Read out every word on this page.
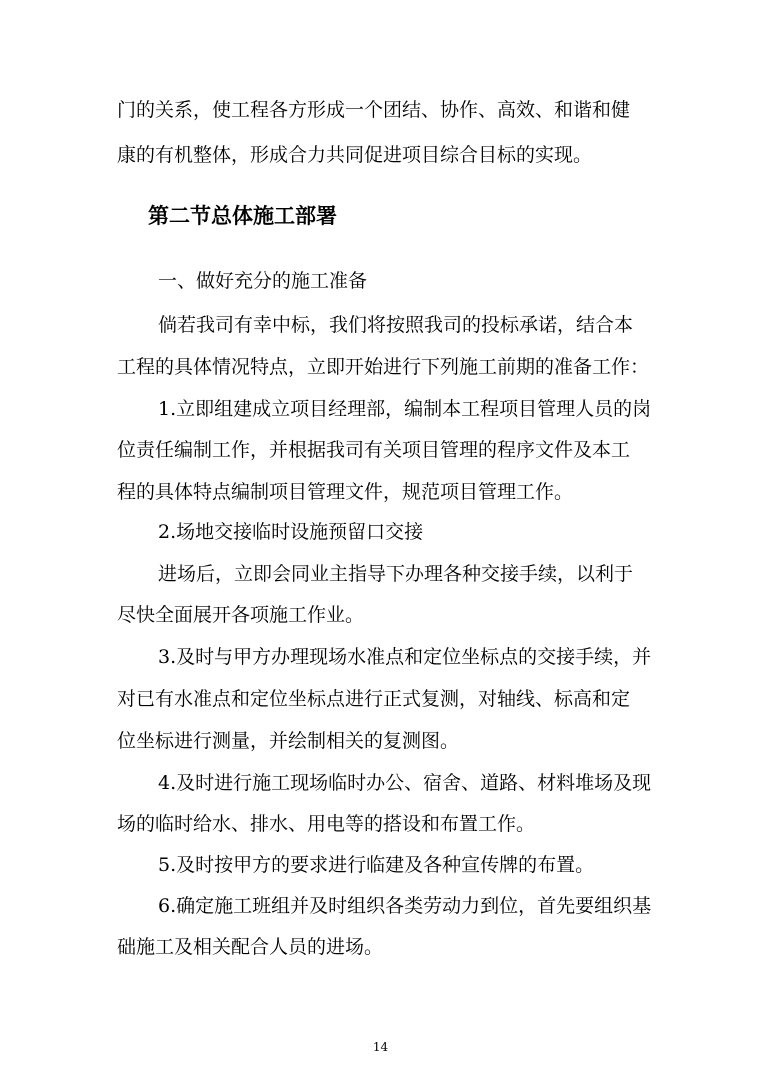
门的关系，使工程各方形成一个团结、协作、高效、和谐和健
康的有机整体，形成合力共同促进项目综合目标的实现。
第二节总体施工部署
一、做好充分的施工准备
倘若我司有幸中标，我们将按照我司的投标承诺，结合本
工程的具体情况特点，立即开始进行下列施工前期的准备工作：
1.立即组建成立项目经理部，编制本工程项目管理人员的岗
位责任编制工作，并根据我司有关项目管理的程序文件及本工
程的具体特点编制项目管理文件，规范项目管理工作。
2.场地交接临时设施预留口交接
进场后，立即会同业主指导下办理各种交接手续，以利于
尽快全面展开各项施工作业。
3.及时与甲方办理现场水准点和定位坐标点的交接手续，并
对已有水准点和定位坐标点进行正式复测，对轴线、标高和定
位坐标进行测量，并绘制相关的复测图。
4.及时进行施工现场临时办公、宿舍、道路、材料堆场及现
场的临时给水、排水、用电等的搭设和布置工作。
5.及时按甲方的要求进行临建及各种宣传牌的布置。
6.确定施工班组并及时组织各类劳动力到位，首先要组织基
础施工及相关配合人员的进场。
14
